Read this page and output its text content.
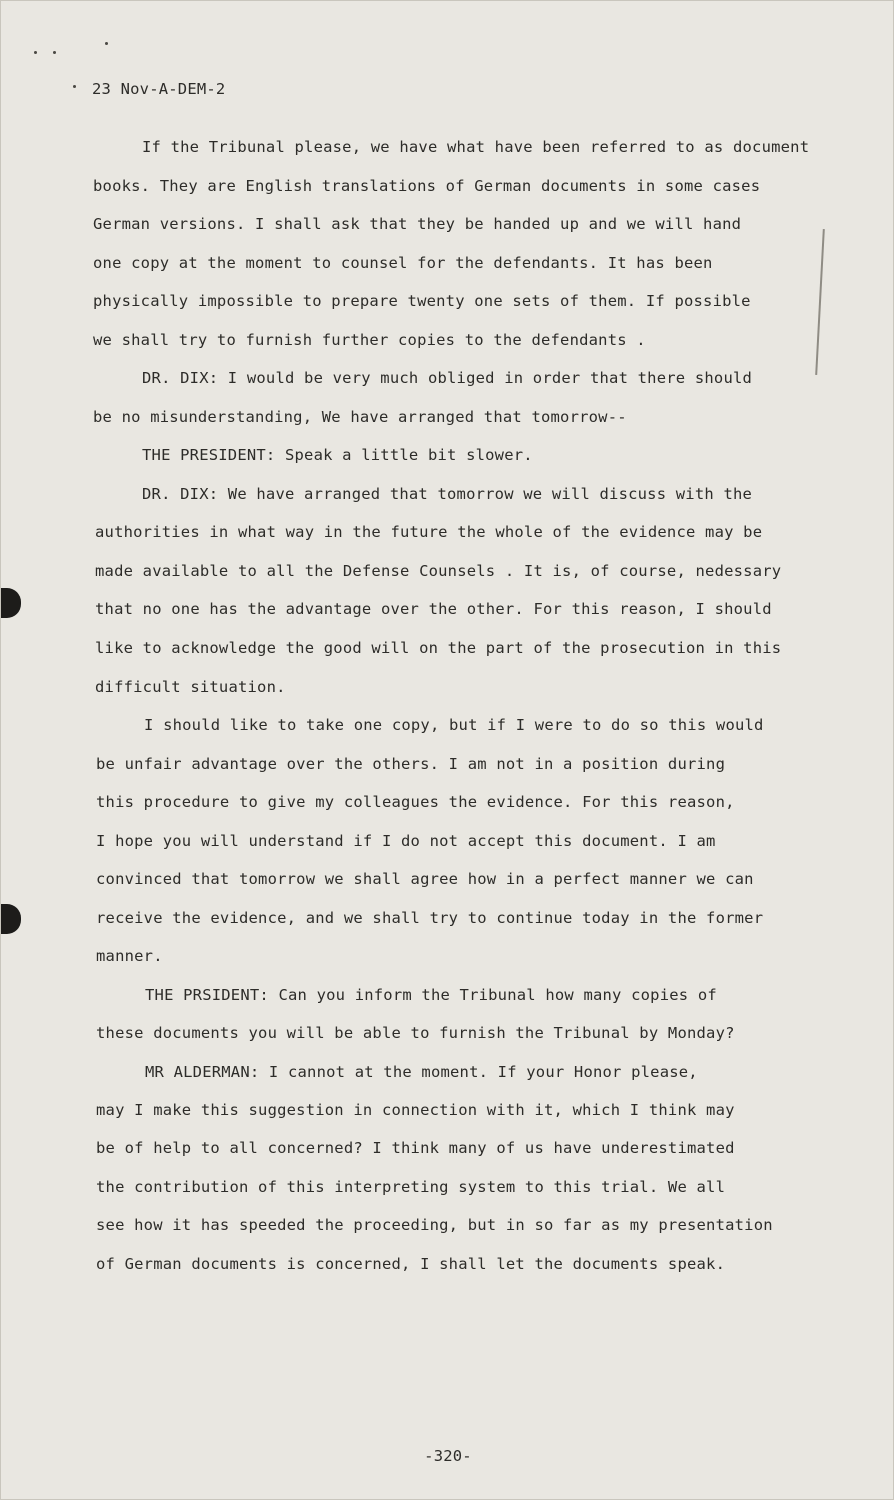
23 Nov-A-DEM-2
If the Tribunal please, we have what have been referred to as document
books. They are English translations of German documents in some cases
German versions. I shall ask that they be handed up and we will hand
one copy at the moment to counsel for the defendants. It has been
physically impossible to prepare twenty one sets of them. If possible
we shall try to furnish further copies to the defendants .
DR. DIX: I would be very much obliged in order that there should
be no misunderstanding, We have arranged that tomorrow--
THE PRESIDENT: Speak a little bit slower.
DR. DIX: We have arranged that tomorrow we will discuss with the
authorities in what way in the future the whole of the evidence may be
made available to all the Defense Counsels . It is, of course, nedessary
that no one has the advantage over the other. For this reason, I should
like to acknowledge the good will on the part of the prosecution in this
difficult situation.
I should like to take one copy, but if I were to do so this would
be unfair advantage over the others. I am not in a position during
this procedure to give my colleagues the evidence. For this reason,
I hope you will understand if I do not accept this document. I am
convinced that tomorrow we shall agree how in a perfect manner we can
receive the evidence, and we shall try to continue today in the former
manner.
THE PRSIDENT: Can you inform the Tribunal how many copies of
these documents you will be able to furnish the Tribunal by Monday?
MR ALDERMAN: I cannot at the moment. If your Honor please,
may I make this suggestion in connection with it, which I think may
be of help to all concerned? I think many of us have underestimated
the contribution of this interpreting system to this trial. We all
see how it has speeded the proceeding, but in so far as my presentation
of German documents is concerned, I shall let the documents speak.
-320-
